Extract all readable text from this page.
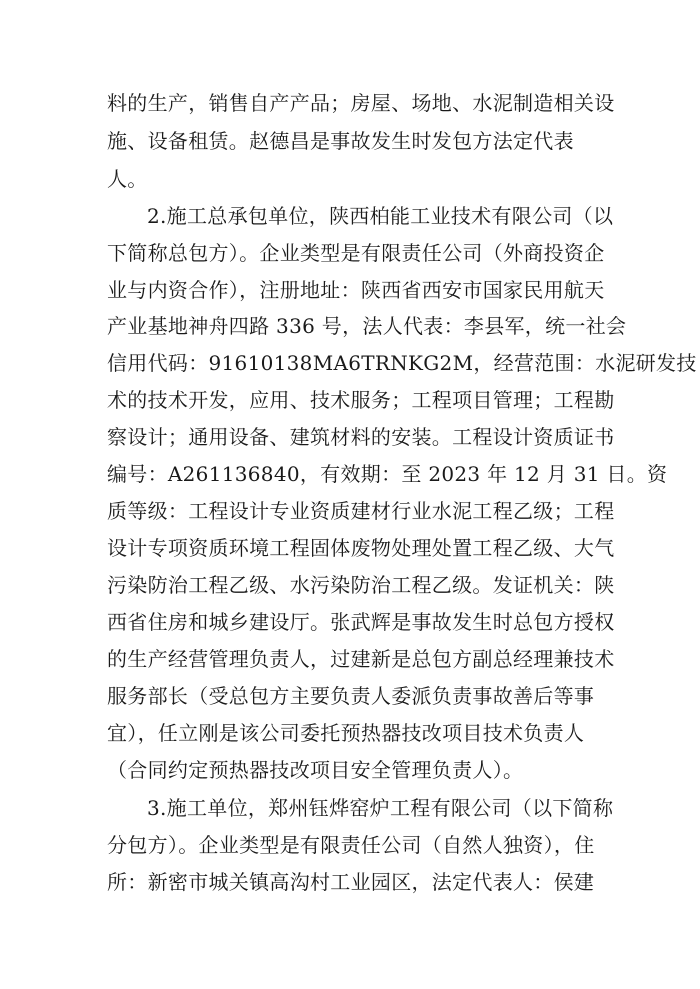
料的生产，销售自产产品；房屋、场地、水泥制造相关设
施、设备租赁。赵德昌是事故发生时发包方法定代表
人。
2.施工总承包单位，陕西柏能工业技术有限公司（以
下简称总包方）。企业类型是有限责任公司（外商投资企
业与内资合作），注册地址：陕西省西安市国家民用航天
产业基地神舟四路 336 号，法人代表：李县军，统一社会
信用代码：91610138MA6TRNKG2M，经营范围：水泥研发技
术的技术开发，应用、技术服务；工程项目管理；工程勘
察设计；通用设备、建筑材料的安装。工程设计资质证书
编号：A261136840，有效期：至 2023 年 12 月 31 日。资
质等级：工程设计专业资质建材行业水泥工程乙级；工程
设计专项资质环境工程固体废物处理处置工程乙级、大气
污染防治工程乙级、水污染防治工程乙级。发证机关：陕
西省住房和城乡建设厅。张武辉是事故发生时总包方授权
的生产经营管理负责人，过建新是总包方副总经理兼技术
服务部长（受总包方主要负责人委派负责事故善后等事
宜），任立刚是该公司委托预热器技改项目技术负责人
（合同约定预热器技改项目安全管理负责人）。
3.施工单位，郑州钰烨窑炉工程有限公司（以下简称
分包方）。企业类型是有限责任公司（自然人独资），住
所：新密市城关镇高沟村工业园区，法定代表人：侯建
